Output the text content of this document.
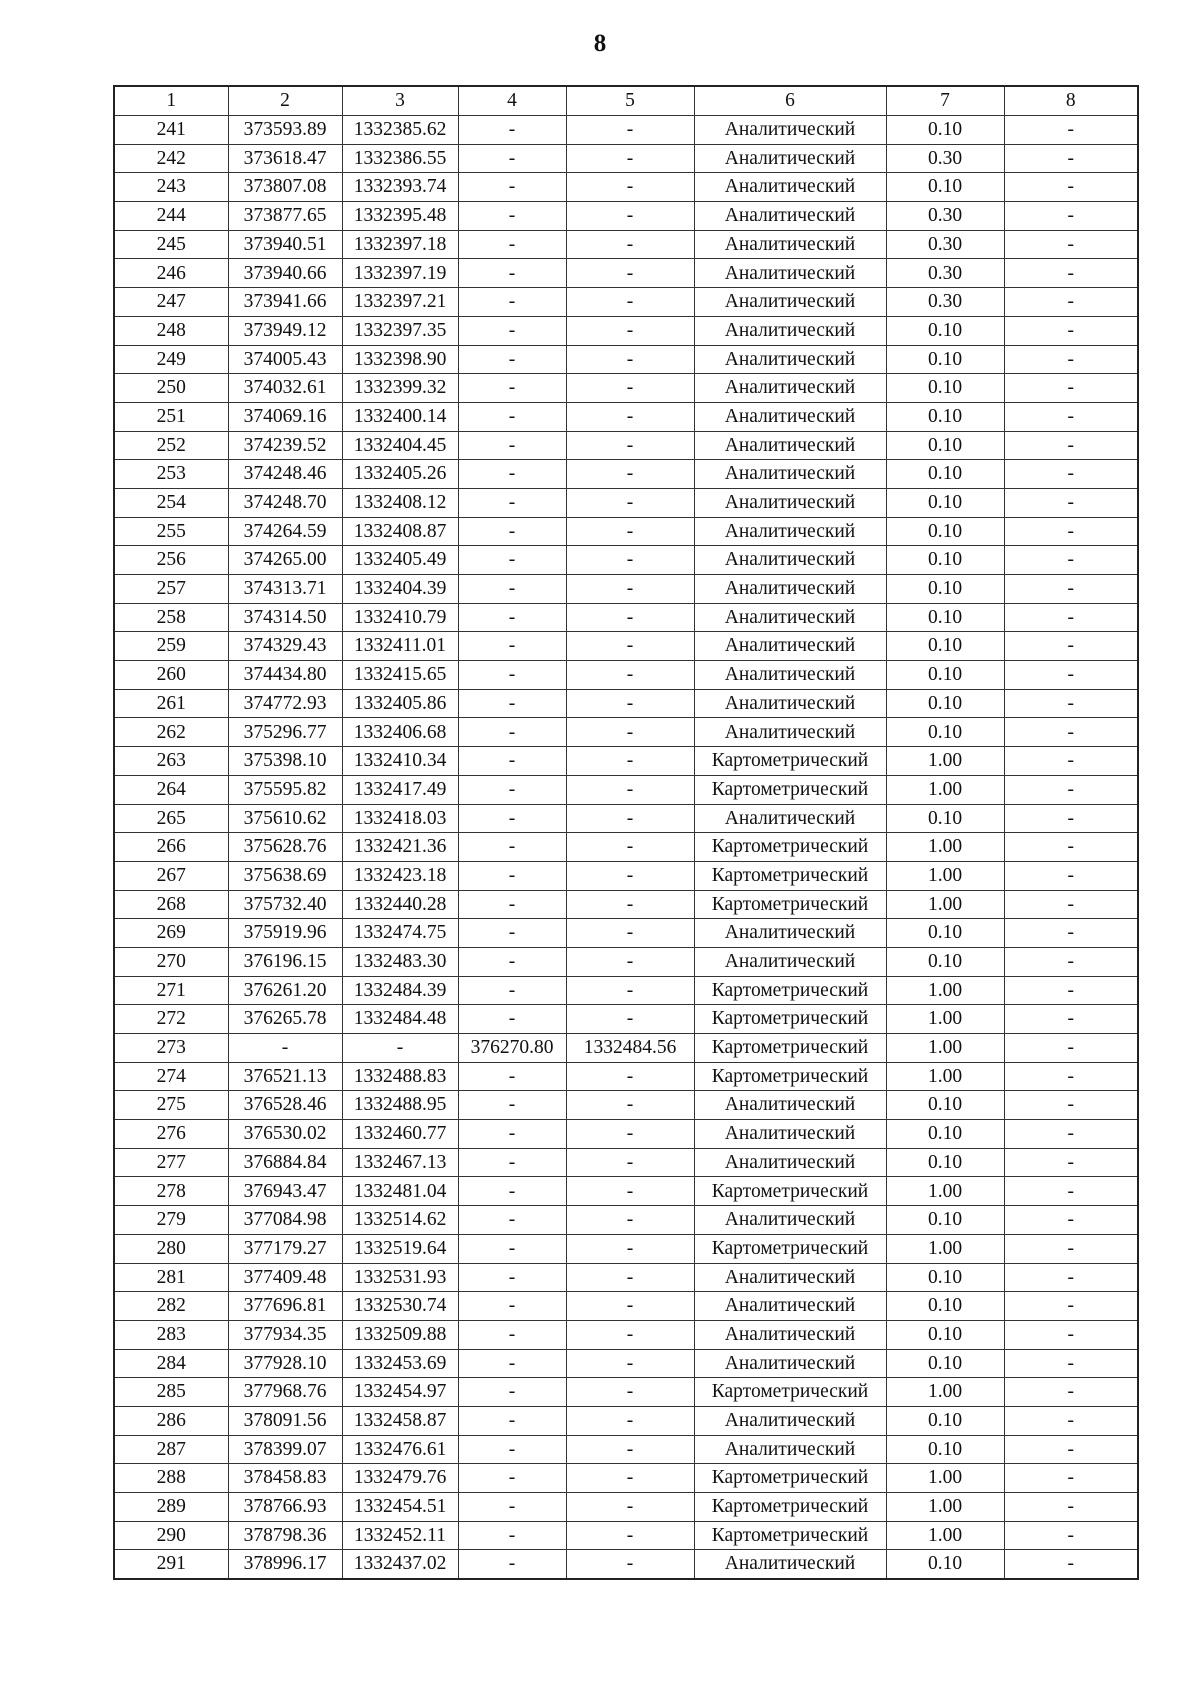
8
1	2	3	4	5	6	7	8
241	373593.89	1332385.62	-	-	Аналитический	0.10	-
242	373618.47	1332386.55	-	-	Аналитический	0.30	-
243	373807.08	1332393.74	-	-	Аналитический	0.10	-
244	373877.65	1332395.48	-	-	Аналитический	0.30	-
245	373940.51	1332397.18	-	-	Аналитический	0.30	-
246	373940.66	1332397.19	-	-	Аналитический	0.30	-
247	373941.66	1332397.21	-	-	Аналитический	0.30	-
248	373949.12	1332397.35	-	-	Аналитический	0.10	-
249	374005.43	1332398.90	-	-	Аналитический	0.10	-
250	374032.61	1332399.32	-	-	Аналитический	0.10	-
251	374069.16	1332400.14	-	-	Аналитический	0.10	-
252	374239.52	1332404.45	-	-	Аналитический	0.10	-
253	374248.46	1332405.26	-	-	Аналитический	0.10	-
254	374248.70	1332408.12	-	-	Аналитический	0.10	-
255	374264.59	1332408.87	-	-	Аналитический	0.10	-
256	374265.00	1332405.49	-	-	Аналитический	0.10	-
257	374313.71	1332404.39	-	-	Аналитический	0.10	-
258	374314.50	1332410.79	-	-	Аналитический	0.10	-
259	374329.43	1332411.01	-	-	Аналитический	0.10	-
260	374434.80	1332415.65	-	-	Аналитический	0.10	-
261	374772.93	1332405.86	-	-	Аналитический	0.10	-
262	375296.77	1332406.68	-	-	Аналитический	0.10	-
263	375398.10	1332410.34	-	-	Картометрический	1.00	-
264	375595.82	1332417.49	-	-	Картометрический	1.00	-
265	375610.62	1332418.03	-	-	Аналитический	0.10	-
266	375628.76	1332421.36	-	-	Картометрический	1.00	-
267	375638.69	1332423.18	-	-	Картометрический	1.00	-
268	375732.40	1332440.28	-	-	Картометрический	1.00	-
269	375919.96	1332474.75	-	-	Аналитический	0.10	-
270	376196.15	1332483.30	-	-	Аналитический	0.10	-
271	376261.20	1332484.39	-	-	Картометрический	1.00	-
272	376265.78	1332484.48	-	-	Картометрический	1.00	-
273	-	-	376270.80	1332484.56	Картометрический	1.00	-
274	376521.13	1332488.83	-	-	Картометрический	1.00	-
275	376528.46	1332488.95	-	-	Аналитический	0.10	-
276	376530.02	1332460.77	-	-	Аналитический	0.10	-
277	376884.84	1332467.13	-	-	Аналитический	0.10	-
278	376943.47	1332481.04	-	-	Картометрический	1.00	-
279	377084.98	1332514.62	-	-	Аналитический	0.10	-
280	377179.27	1332519.64	-	-	Картометрический	1.00	-
281	377409.48	1332531.93	-	-	Аналитический	0.10	-
282	377696.81	1332530.74	-	-	Аналитический	0.10	-
283	377934.35	1332509.88	-	-	Аналитический	0.10	-
284	377928.10	1332453.69	-	-	Аналитический	0.10	-
285	377968.76	1332454.97	-	-	Картометрический	1.00	-
286	378091.56	1332458.87	-	-	Аналитический	0.10	-
287	378399.07	1332476.61	-	-	Аналитический	0.10	-
288	378458.83	1332479.76	-	-	Картометрический	1.00	-
289	378766.93	1332454.51	-	-	Картометрический	1.00	-
290	378798.36	1332452.11	-	-	Картометрический	1.00	-
291	378996.17	1332437.02	-	-	Аналитический	0.10	-
